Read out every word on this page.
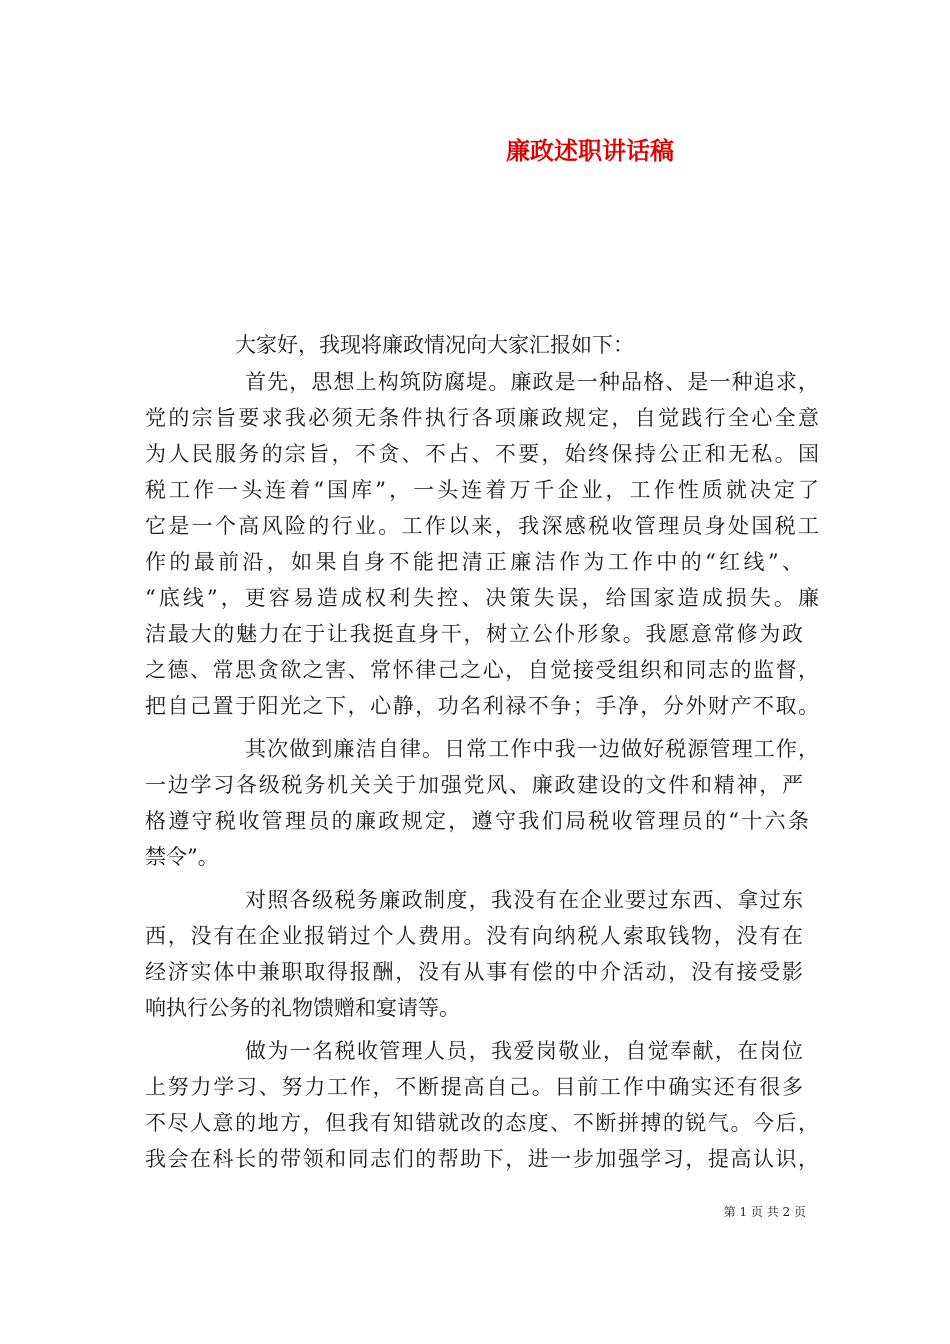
廉政述职讲话稿
大家好，我现将廉政情况向大家汇报如下：
首先，思想上构筑防腐堤。廉政是一种品格、是一种追求，
党的宗旨要求我必须无条件执行各项廉政规定，自觉践行全心全意
为人民服务的宗旨，不贪、不占、不要，始终保持公正和无私。国
税工作一头连着“国库”，一头连着万千企业，工作性质就决定了
它是一个高风险的行业。工作以来，我深感税收管理员身处国税工
作的最前沿，如果自身不能把清正廉洁作为工作中的“红线”、
“底线”，更容易造成权利失控、决策失误，给国家造成损失。廉
洁最大的魅力在于让我挺直身干，树立公仆形象。我愿意常修为政
之德、常思贪欲之害、常怀律己之心，自觉接受组织和同志的监督，
把自己置于阳光之下，心静，功名利禄不争；手净，分外财产不取。
其次做到廉洁自律。日常工作中我一边做好税源管理工作，
一边学习各级税务机关关于加强党风、廉政建设的文件和精神，严
格遵守税收管理员的廉政规定，遵守我们局税收管理员的“十六条
禁令”。
对照各级税务廉政制度，我没有在企业要过东西、拿过东
西，没有在企业报销过个人费用。没有向纳税人索取钱物，没有在
经济实体中兼职取得报酬，没有从事有偿的中介活动，没有接受影
响执行公务的礼物馈赠和宴请等。
做为一名税收管理人员，我爱岗敬业，自觉奉献，在岗位
上努力学习、努力工作，不断提高自己。目前工作中确实还有很多
不尽人意的地方，但我有知错就改的态度、不断拼搏的锐气。今后，
我会在科长的带领和同志们的帮助下，进一步加强学习，提高认识，
第 1 页 共 2 页
